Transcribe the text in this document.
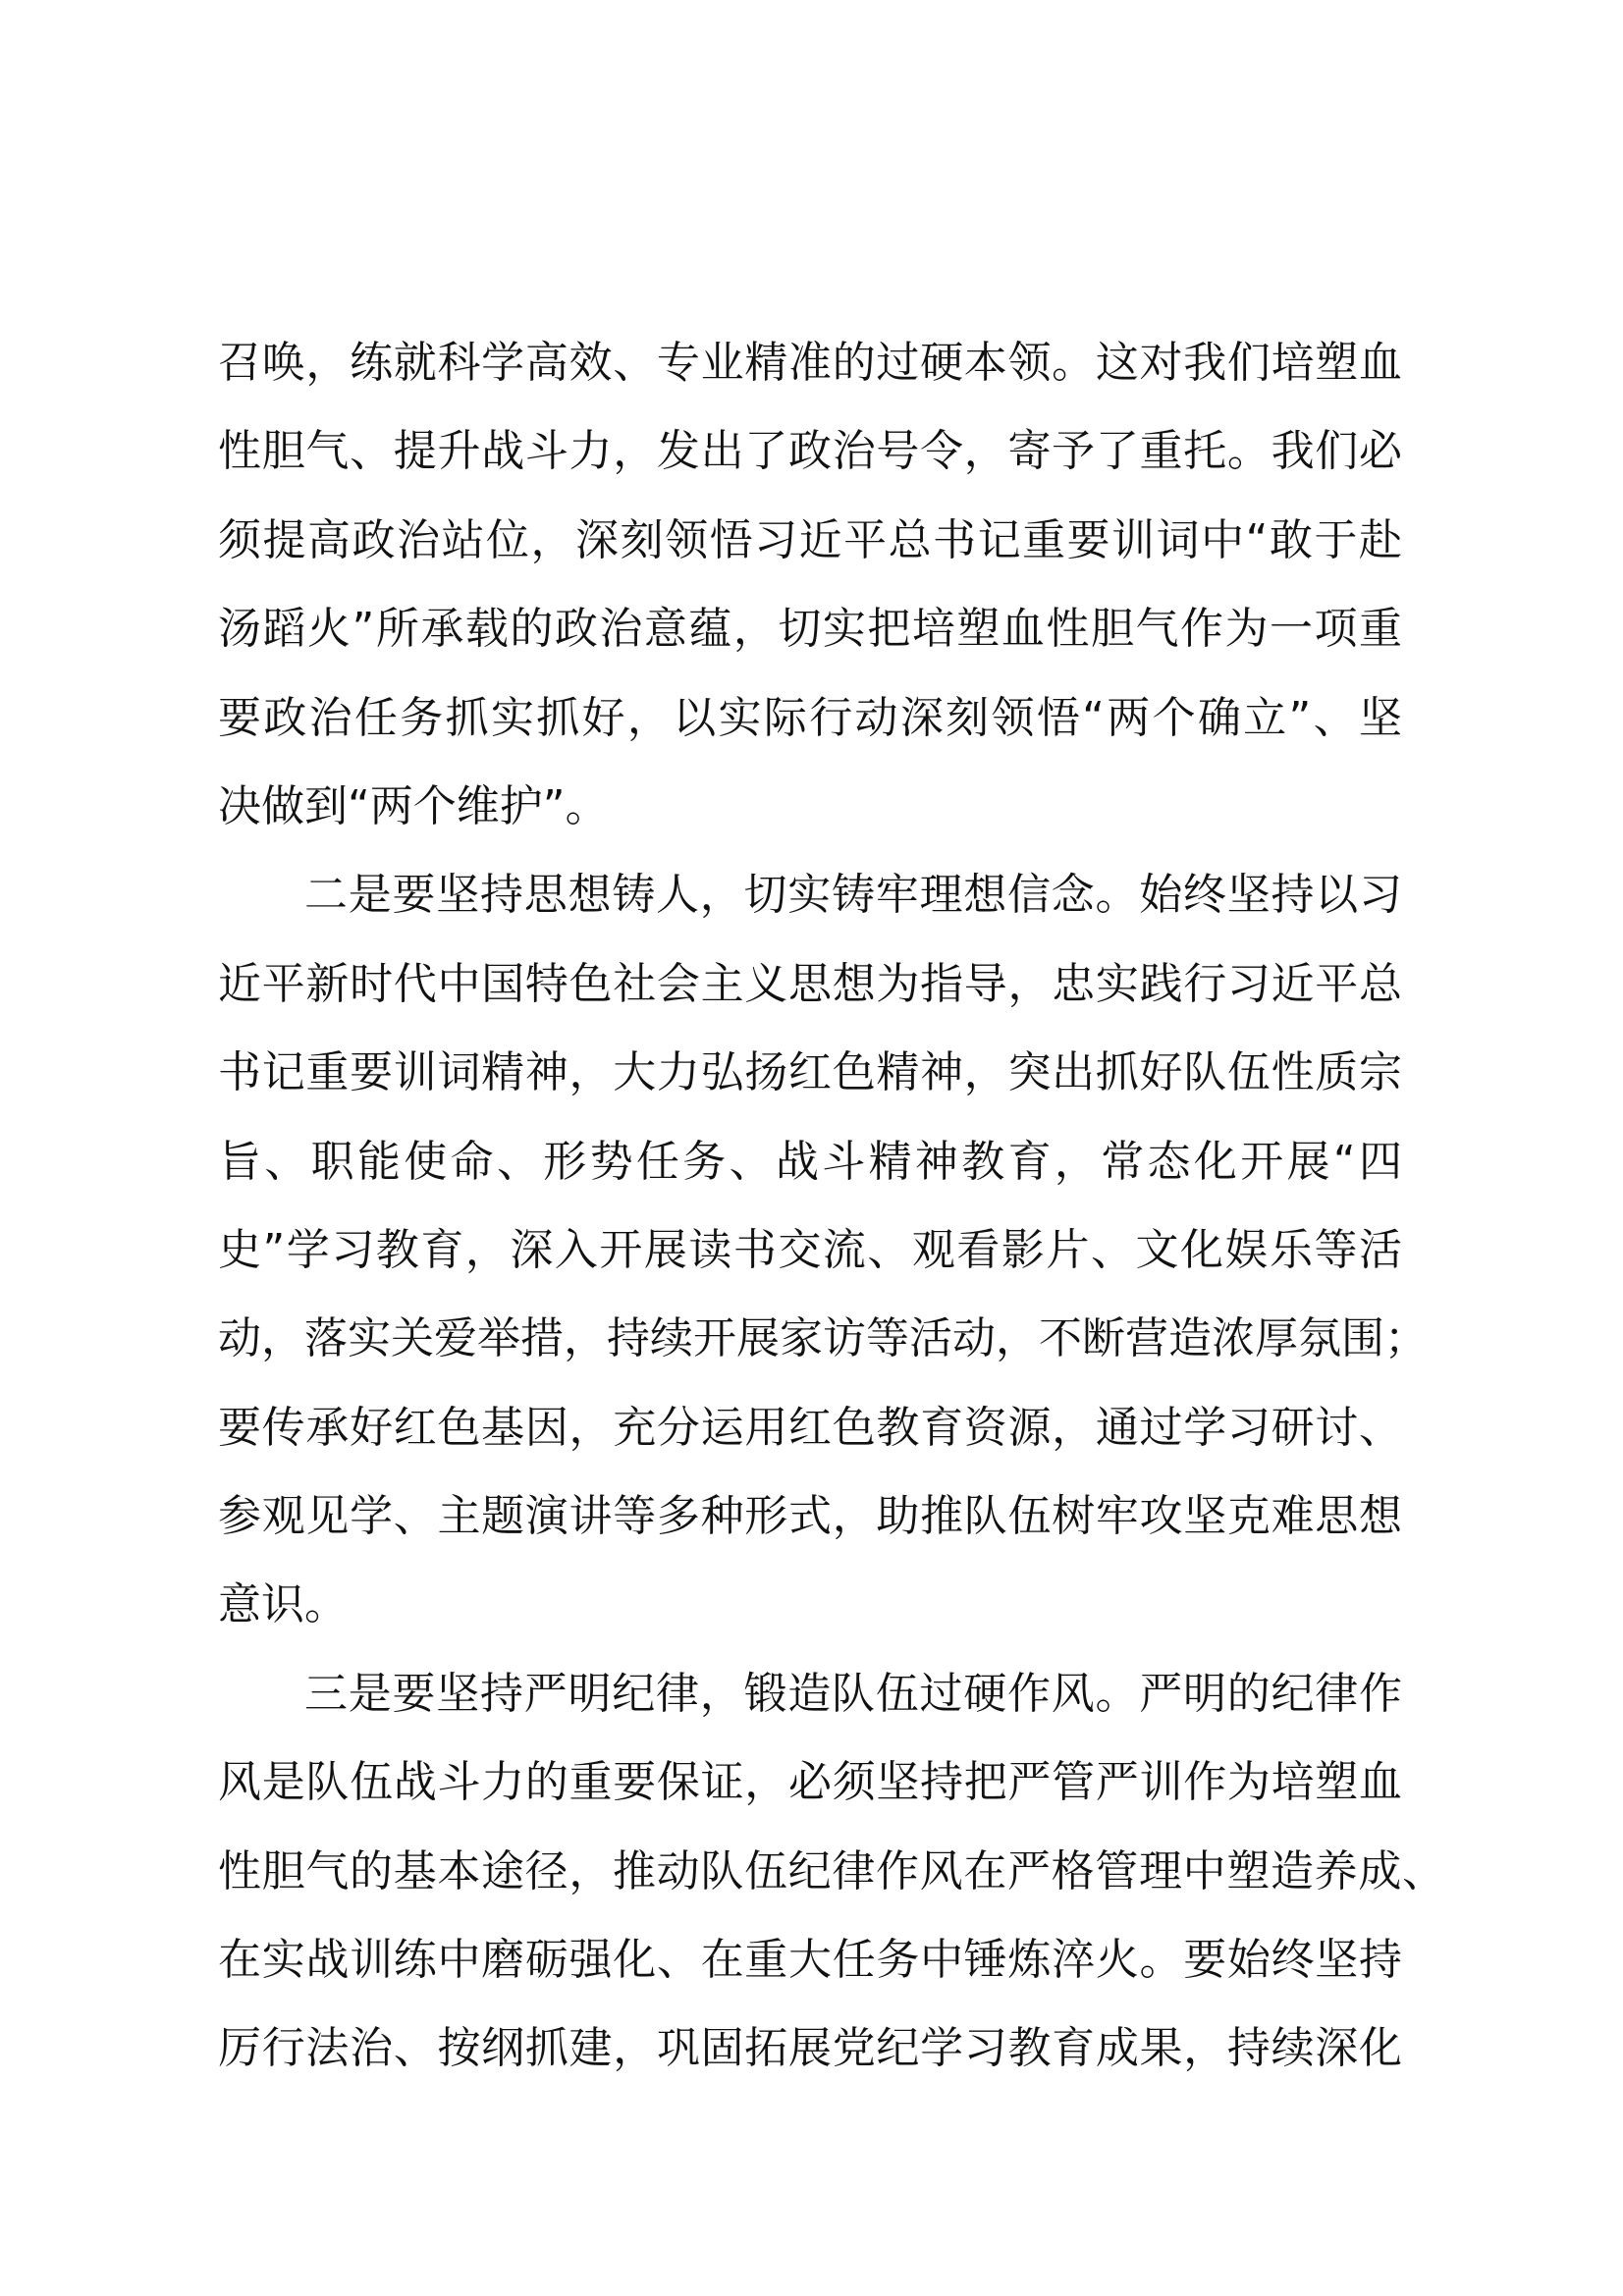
召唤，练就科学高效、专业精准的过硬本领。这对我们培塑血
性胆气、提升战斗力，发出了政治号令，寄予了重托。我们必
须提高政治站位，深刻领悟习近平总书记重要训词中“敢于赴
汤蹈火”所承载的政治意蕴，切实把培塑血性胆气作为一项重
要政治任务抓实抓好，以实际行动深刻领悟“两个确立”、坚
决做到“两个维护”。
二是要坚持思想铸人，切实铸牢理想信念。始终坚持以习
近平新时代中国特色社会主义思想为指导，忠实践行习近平总
书记重要训词精神，大力弘扬红色精神，突出抓好队伍性质宗
旨、职能使命、形势任务、战斗精神教育，常态化开展“四
史”学习教育，深入开展读书交流、观看影片、文化娱乐等活
动，落实关爱举措，持续开展家访等活动，不断营造浓厚氛围；
要传承好红色基因，充分运用红色教育资源，通过学习研讨、
参观见学、主题演讲等多种形式，助推队伍树牢攻坚克难思想
意识。
三是要坚持严明纪律，锻造队伍过硬作风。严明的纪律作
风是队伍战斗力的重要保证，必须坚持把严管严训作为培塑血
性胆气的基本途径，推动队伍纪律作风在严格管理中塑造养成、
在实战训练中磨砺强化、在重大任务中锤炼淬火。要始终坚持
厉行法治、按纲抓建，巩固拓展党纪学习教育成果，持续深化
